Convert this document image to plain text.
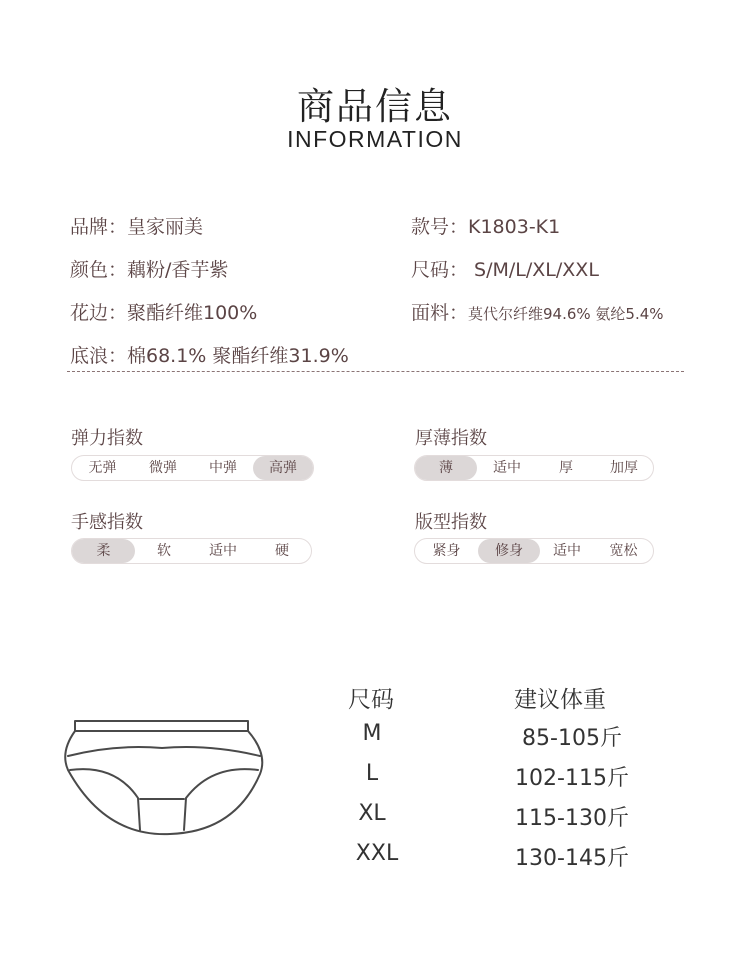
商品信息
INFORMATION
品牌：皇家丽美	款号：K1803-K1
颜色：藕粉/香芋紫	尺码： S/M/L/XL/XXL
花边：聚酯纤维100%	面料：莫代尔纤维94.6% 氨纶5.4%
底浪：棉68.1% 聚酯纤维31.9%
弹力指数
无弹	微弹	中弹	高弹
厚薄指数
薄	适中	厚	加厚
手感指数
柔	软	适中	硬
版型指数
紧身	修身	适中	宽松
尺码	建议体重
M	85-105斤
L	102-115斤
XL	115-130斤
XXL	130-145斤
